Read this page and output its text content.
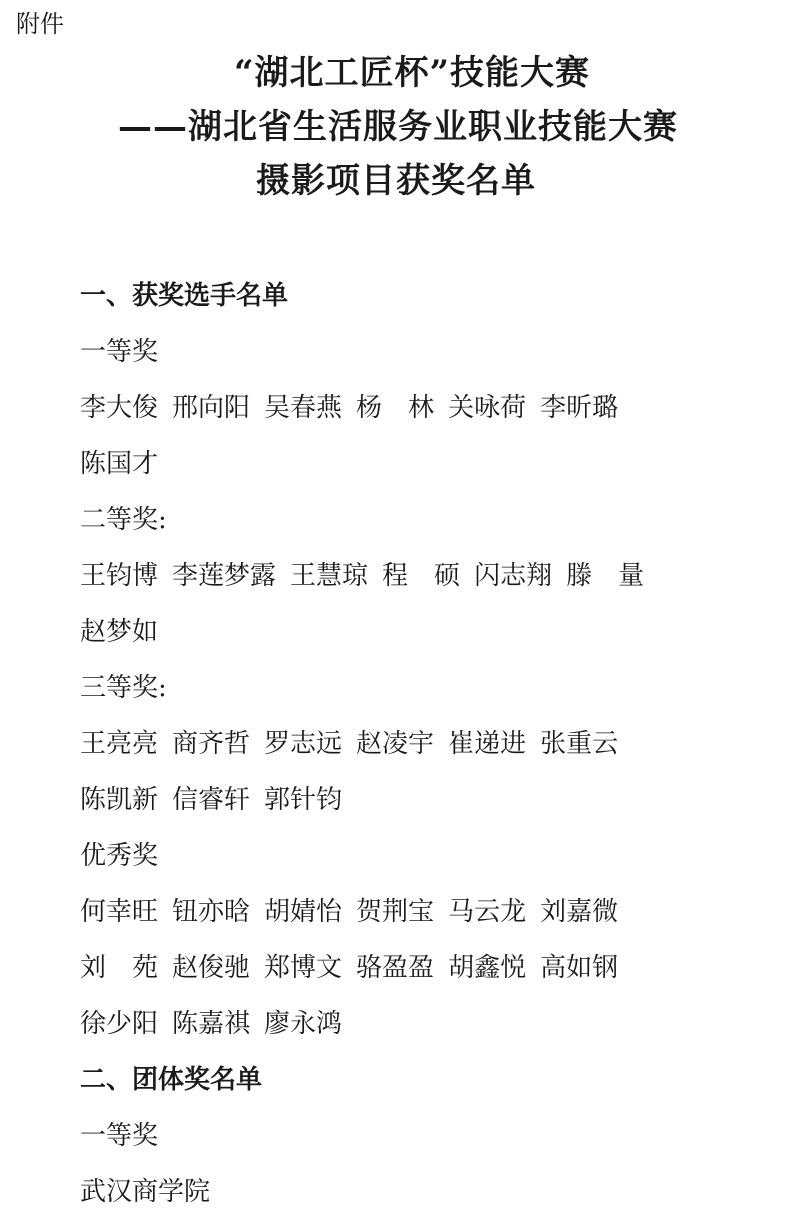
附件
“湖北工匠杯”技能大赛
——湖北省生活服务业职业技能大赛
摄影项目获奖名单
一、获奖选手名单
一等奖
李大俊 邢向阳 吴春燕 杨　林 关咏荷 李昕璐
陈国才
二等奖:
王钧博 李莲梦露 王慧琼 程　硕 闪志翔 滕　量
赵梦如
三等奖:
王亮亮 商齐哲 罗志远 赵凌宇 崔递进 张重云
陈凯新 信睿轩 郭针钧
优秀奖
何幸旺 钮亦晗 胡婧怡 贺荆宝 马云龙 刘嘉微
刘　苑 赵俊驰 郑博文 骆盈盈 胡鑫悦 高如钢
徐少阳 陈嘉祺 廖永鸿
二、团体奖名单
一等奖
武汉商学院
